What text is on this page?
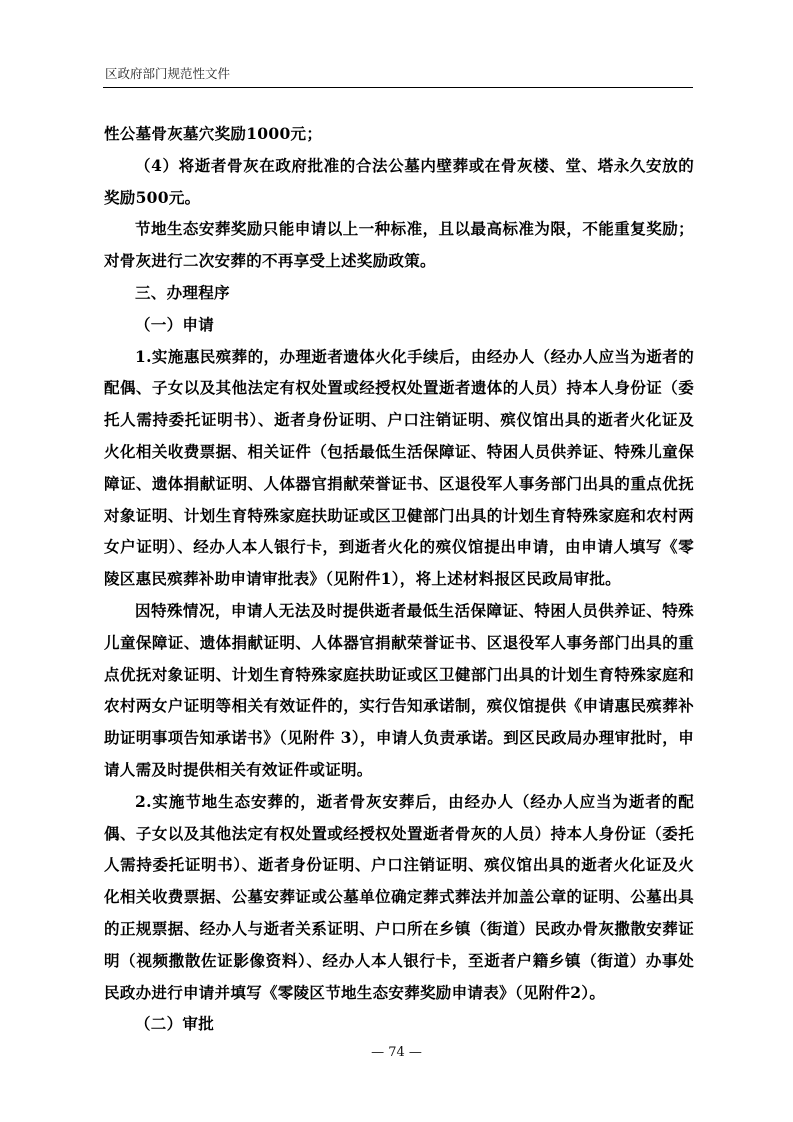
区政府部门规范性文件

性公墓骨灰墓穴奖励1000元；

（4）将逝者骨灰在政府批准的合法公墓内壁葬或在骨灰楼、堂、塔永久安放的奖励500元。

节地生态安葬奖励只能申请以上一种标准，且以最高标准为限，不能重复奖励；对骨灰进行二次安葬的不再享受上述奖励政策。

三、办理程序

（一）申请

1.实施惠民殡葬的，办理逝者遗体火化手续后，由经办人（经办人应当为逝者的配偶、子女以及其他法定有权处置或经授权处置逝者遗体的人员）持本人身份证（委托人需持委托证明书）、逝者身份证明、户口注销证明、殡仪馆出具的逝者火化证及火化相关收费票据、相关证件（包括最低生活保障证、特困人员供养证、特殊儿童保障证、遗体捐献证明、人体器官捐献荣誉证书、区退役军人事务部门出具的重点优抚对象证明、计划生育特殊家庭扶助证或区卫健部门出具的计划生育特殊家庭和农村两女户证明）、经办人本人银行卡，到逝者火化的殡仪馆提出申请，由申请人填写《零陵区惠民殡葬补助申请审批表》（见附件1），将上述材料报区民政局审批。

因特殊情况，申请人无法及时提供逝者最低生活保障证、特困人员供养证、特殊儿童保障证、遗体捐献证明、人体器官捐献荣誉证书、区退役军人事务部门出具的重点优抚对象证明、计划生育特殊家庭扶助证或区卫健部门出具的计划生育特殊家庭和农村两女户证明等相关有效证件的，实行告知承诺制，殡仪馆提供《申请惠民殡葬补助证明事项告知承诺书》（见附件 3），申请人负责承诺。到区民政局办理审批时，申请人需及时提供相关有效证件或证明。

2.实施节地生态安葬的，逝者骨灰安葬后，由经办人（经办人应当为逝者的配偶、子女以及其他法定有权处置或经授权处置逝者骨灰的人员）持本人身份证（委托人需持委托证明书）、逝者身份证明、户口注销证明、殡仪馆出具的逝者火化证及火化相关收费票据、公墓安葬证或公墓单位确定葬式葬法并加盖公章的证明、公墓出具的正规票据、经办人与逝者关系证明、户口所在乡镇（街道）民政办骨灰撒散安葬证明（视频撒散佐证影像资料）、经办人本人银行卡，至逝者户籍乡镇（街道）办事处民政办进行申请并填写《零陵区节地生态安葬奖励申请表》（见附件2）。

（二）审批

— 74 —
